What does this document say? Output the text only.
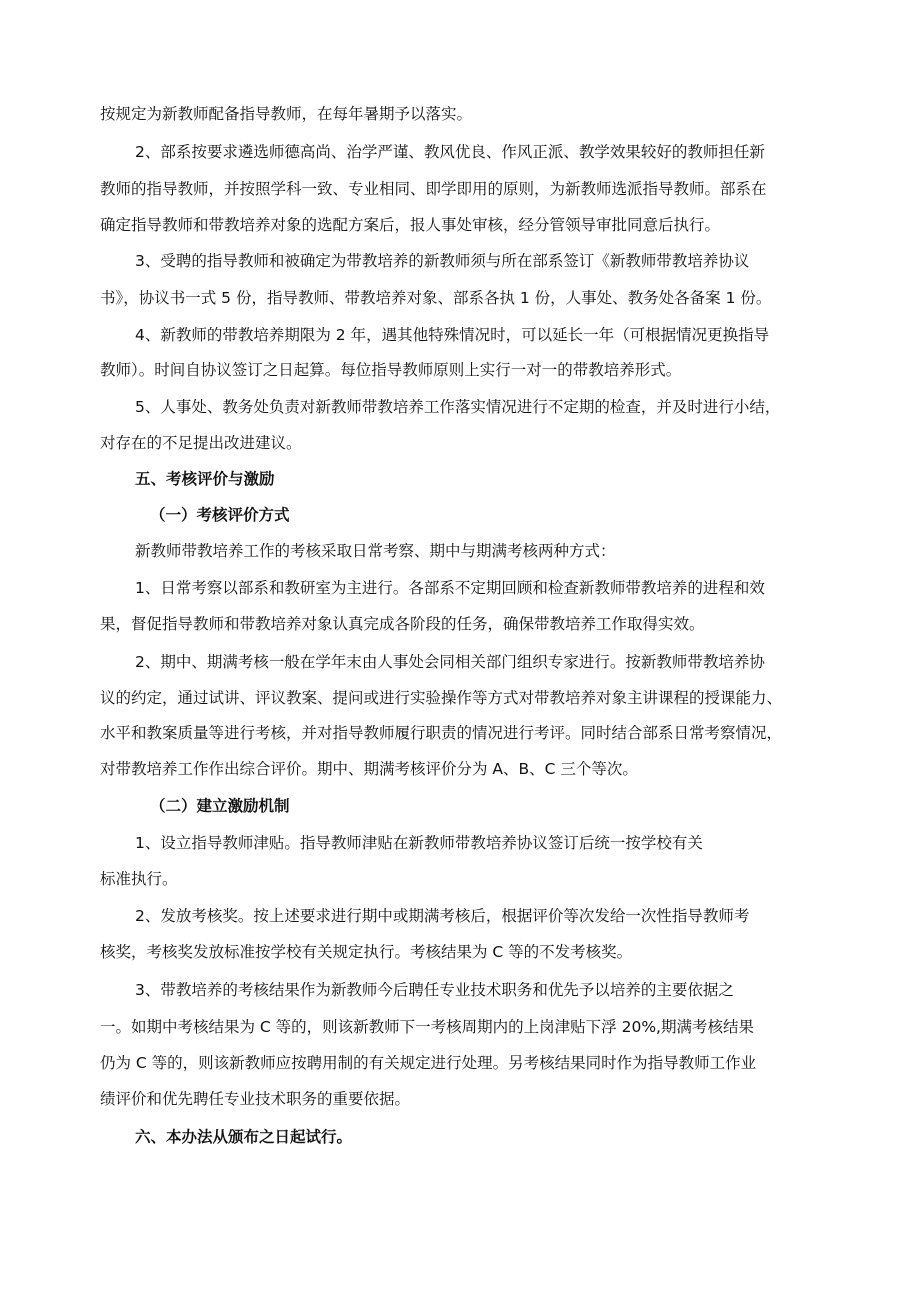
按规定为新教师配备指导教师，在每年暑期予以落实。
2、部系按要求遴选师德高尚、治学严谨、教风优良、作风正派、教学效果较好的教师担任新
教师的指导教师，并按照学科一致、专业相同、即学即用的原则，为新教师选派指导教师。部系在
确定指导教师和带教培养对象的选配方案后，报人事处审核，经分管领导审批同意后执行。
3、受聘的指导教师和被确定为带教培养的新教师须与所在部系签订《新教师带教培养协议
书》，协议书一式 5 份，指导教师、带教培养对象、部系各执 1 份，人事处、教务处各备案 1 份。
4、新教师的带教培养期限为 2 年，遇其他特殊情况时，可以延长一年（可根据情况更换指导
教师）。时间自协议签订之日起算。每位指导教师原则上实行一对一的带教培养形式。
5、人事处、教务处负责对新教师带教培养工作落实情况进行不定期的检查，并及时进行小结，
对存在的不足提出改进建议。
五、考核评价与激励
（一）考核评价方式
新教师带教培养工作的考核采取日常考察、期中与期满考核两种方式：
1、日常考察以部系和教研室为主进行。各部系不定期回顾和检查新教师带教培养的进程和效
果，督促指导教师和带教培养对象认真完成各阶段的任务，确保带教培养工作取得实效。
2、期中、期满考核一般在学年末由人事处会同相关部门组织专家进行。按新教师带教培养协
议的约定，通过试讲、评议教案、提问或进行实验操作等方式对带教培养对象主讲课程的授课能力、
水平和教案质量等进行考核，并对指导教师履行职责的情况进行考评。同时结合部系日常考察情况，
对带教培养工作作出综合评价。期中、期满考核评价分为 A、B、C 三个等次。
（二）建立激励机制
1、设立指导教师津贴。指导教师津贴在新教师带教培养协议签订后统一按学校有关
标准执行。
2、发放考核奖。按上述要求进行期中或期满考核后，根据评价等次发给一次性指导教师考
核奖，考核奖发放标准按学校有关规定执行。考核结果为 C 等的不发考核奖。
3、带教培养的考核结果作为新教师今后聘任专业技术职务和优先予以培养的主要依据之
一。如期中考核结果为 C 等的，则该新教师下一考核周期内的上岗津贴下浮 20%,期满考核结果
仍为 C 等的，则该新教师应按聘用制的有关规定进行处理。另考核结果同时作为指导教师工作业
绩评价和优先聘任专业技术职务的重要依据。
六、本办法从颁布之日起试行。
